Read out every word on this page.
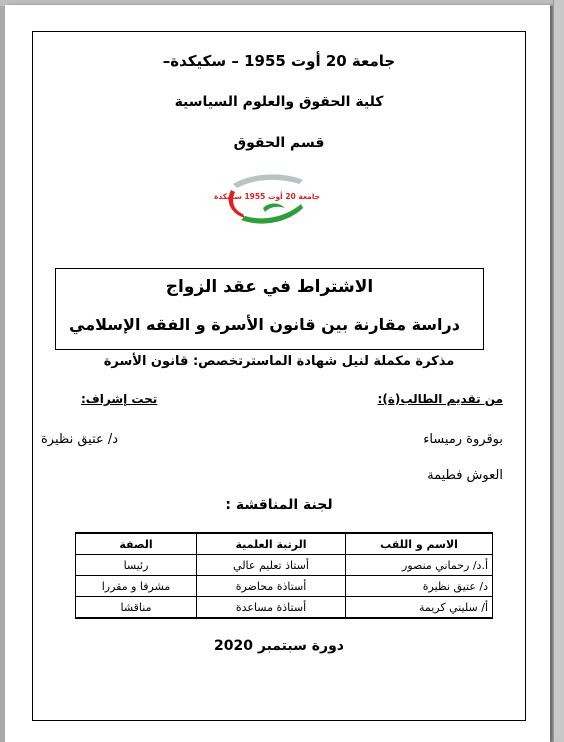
جامعة 20 أوت 1955 – سكيكدة–
كلية الحقوق والعلوم السياسية
قسم الحقوق
جامعة 20 أوت 1955 سكيكدة
الاشتراط في عقد الزواج
دراسة مقارنة بين قانون الأسرة و الفقه الإسلامي
مذكرة مكملة لنيل شهادة الماسترتخصص: قانون الأسرة
من تقديم الطالب(ة):
تحت إشراف:
بوقروة رميساء
العوش فطيمة
د/ عتيق نظيرة
لجنة المناقشة :
الاسم و اللقب	الرتبة العلمية	الصفة
أ.د/ رحماني منصور	أستاذ تعليم عالي	رئيسا
د/ عتيق نظيرة	أستاذة محاضرة	مشرفا و مقررا
أ/ سليني كريمة	أستاذة مساعدة	مناقشا
دورة سبتمبر 2020
